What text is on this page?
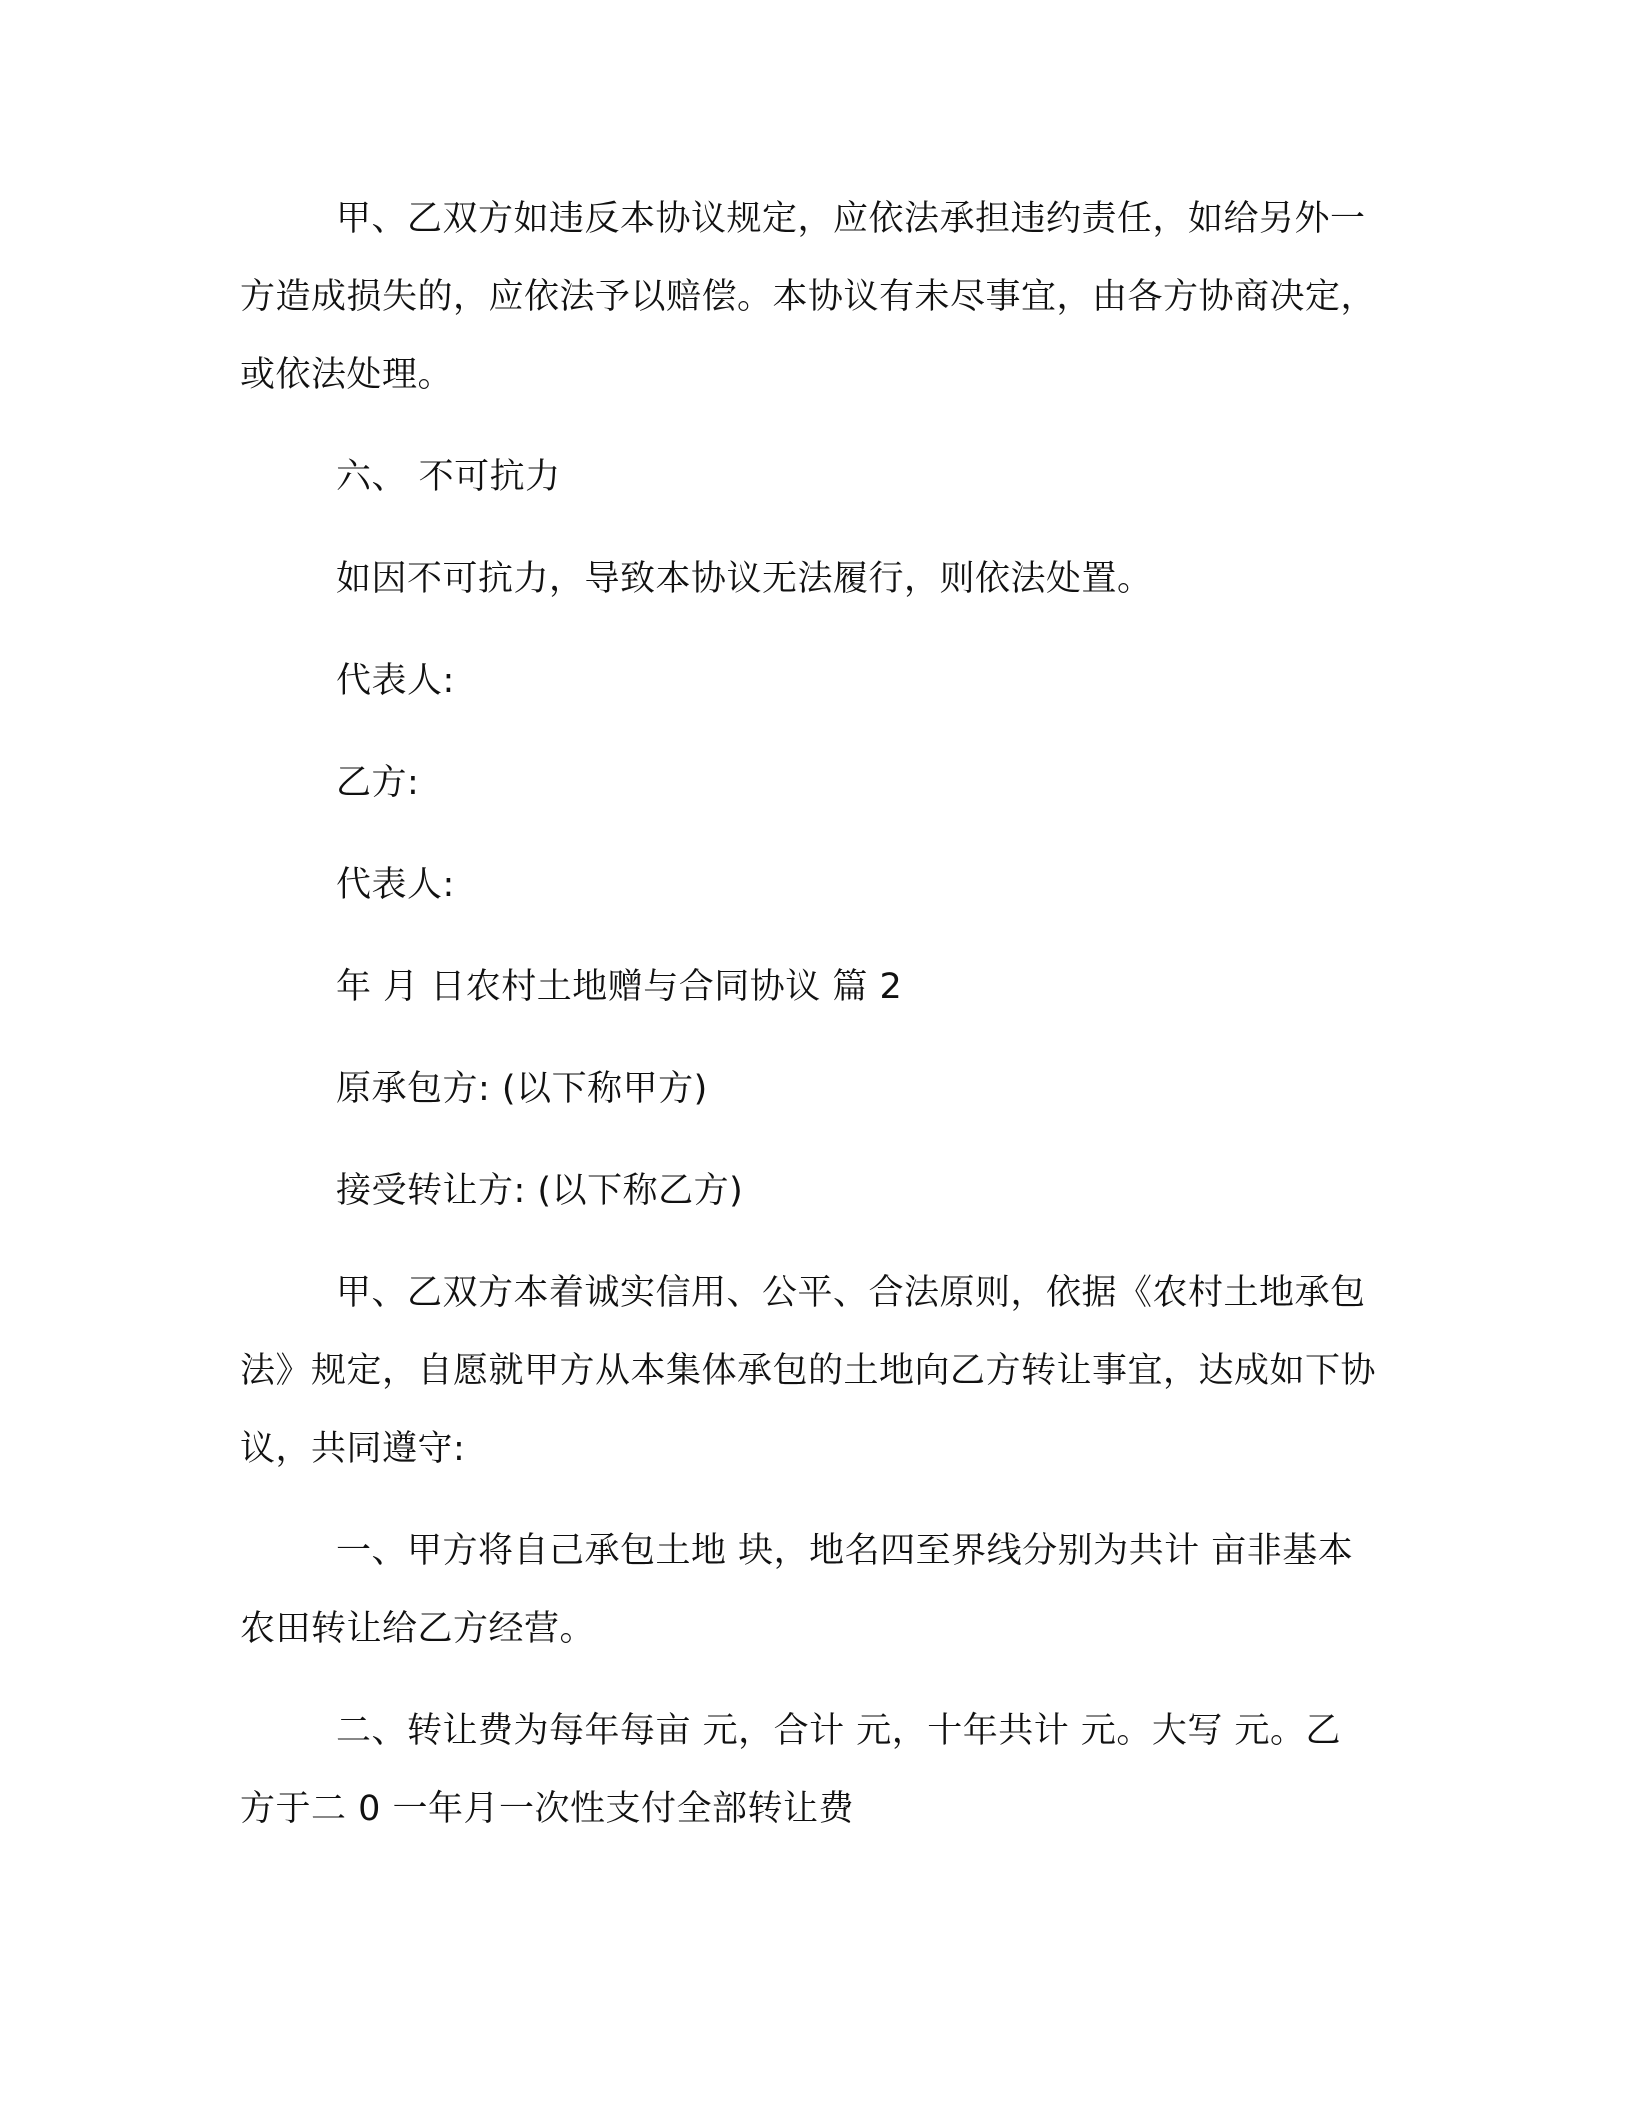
甲、乙双方如违反本协议规定，应依法承担违约责任，如给另外一方造成损失的，应依法予以赔偿。本协议有未尽事宜，由各方协商决定，或依法处理。

六、 不可抗力

如因不可抗力，导致本协议无法履行，则依法处置。

代表人:

乙方:

代表人:

年 月 日农村土地赠与合同协议 篇 2

原承包方: (以下称甲方)

接受转让方: (以下称乙方)

甲、乙双方本着诚实信用、公平、合法原则，依据《农村土地承包法》规定，自愿就甲方从本集体承包的土地向乙方转让事宜，达成如下协议，共同遵守:

一、甲方将自己承包土地 块，地名四至界线分别为共计 亩非基本农田转让给乙方经营。

二、转让费为每年每亩 元，合计 元，十年共计 元。大写 元。乙方于二 0 一年月一次性支付全部转让费
